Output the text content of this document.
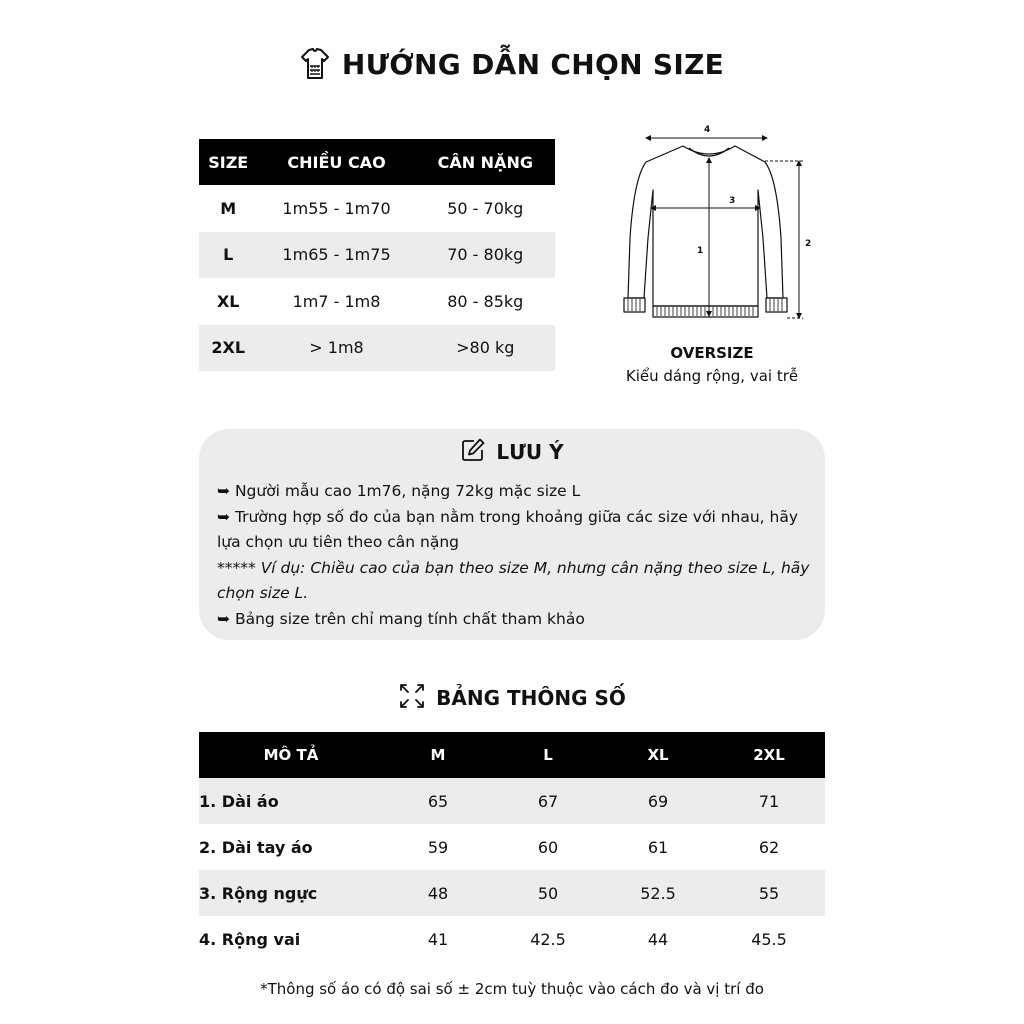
HƯỚNG DẪN CHỌN SIZE
SIZE	CHIỀU CAO	CÂN NẶNG
M	1m55 - 1m70	50 - 70kg
L	1m65 - 1m75	70 - 80kg
XL	1m7 - 1m8	80 - 85kg
2XL	> 1m8	>80 kg
4
3
1
2
OVERSIZE
Kiểu dáng rộng, vai trễ
LƯU Ý
➥ Người mẫu cao 1m76, nặng 72kg mặc size L
➥ Trường hợp số đo của bạn nằm trong khoảng giữa các size với nhau, hãy lựa chọn ưu tiên theo cân nặng
***** Ví dụ: Chiều cao của bạn theo size M, nhưng cân nặng theo size L, hãy chọn size L.
➥ Bảng size trên chỉ mang tính chất tham khảo
BẢNG THÔNG SỐ
MÔ TẢ	M	L	XL	2XL
1. Dài áo	65	67	69	71
2. Dài tay áo	59	60	61	62
3. Rộng ngực	48	50	52.5	55
4. Rộng vai	41	42.5	44	45.5
*Thông số áo có độ sai số ± 2cm tuỳ thuộc vào cách đo và vị trí đo
